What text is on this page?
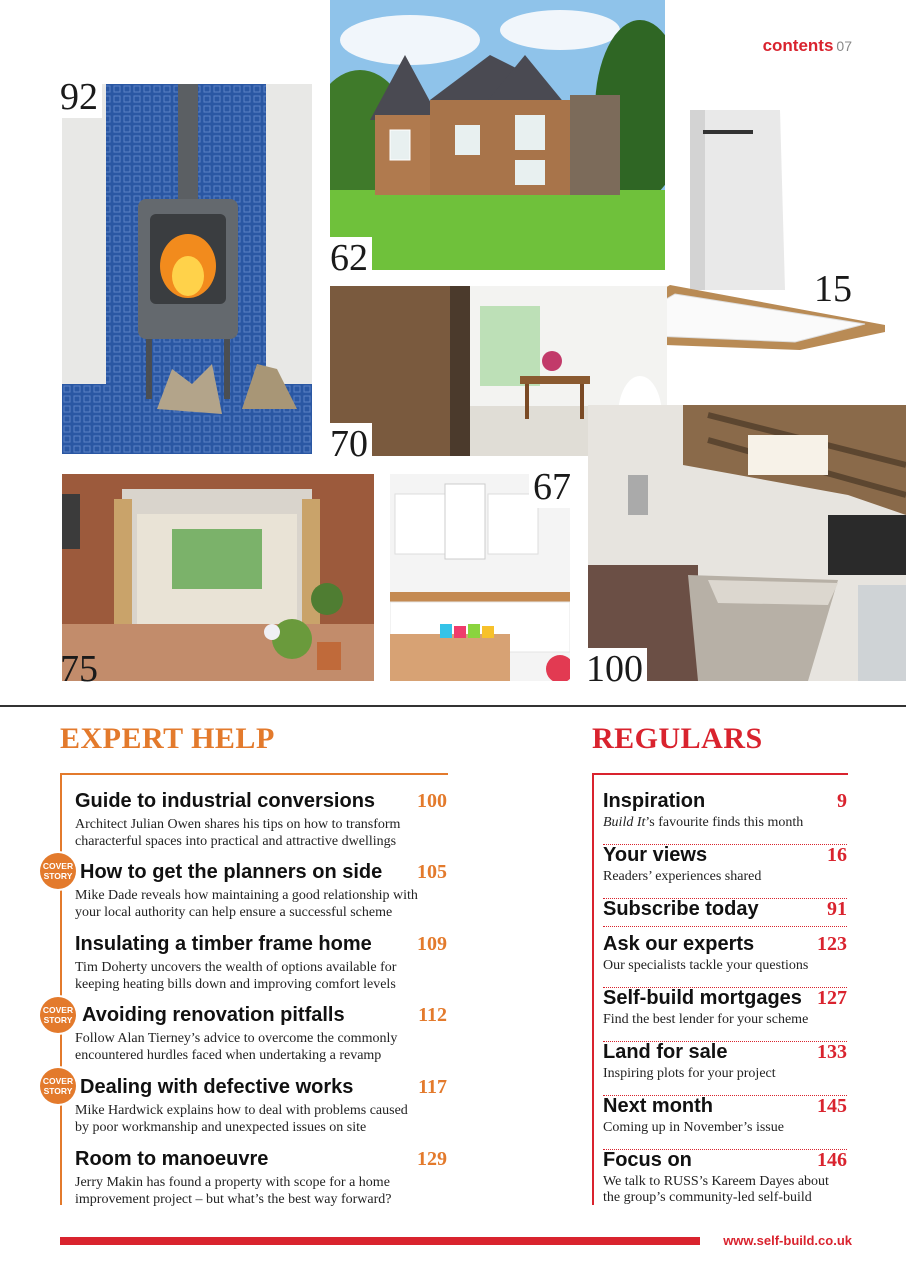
contents 07
92
62
15
70
100
75
67
EXPERT HELP
Guide to industrial conversions 100
Architect Julian Owen shares his tips on how to transform
characterful spaces into practical and attractive dwellings
COVER
STORY How to get the planners on side 105
Mike Dade reveals how maintaining a good relationship with
your local authority can help ensure a successful scheme
Insulating a timber frame home 109
Tim Doherty uncovers the wealth of options available for
keeping heating bills down and improving comfort levels
COVER
STORY Avoiding renovation pitfalls	112
Follow Alan Tierney’s advice to overcome the commonly
encountered hurdles faced when undertaking a revamp
COVER
STORY Dealing with defective works	117
Mike Hardwick explains how to deal with problems caused
by poor workmanship and unexpected issues on site
Room to manoeuvre	129
Jerry Makin has found a property with scope for a home
improvement project – but what’s the best way forward?
REGULARS
Inspiration	9
Build It’s favourite finds this month
Your views	16
Readers’ experiences shared
Subscribe today	91
Ask our experts	123
Our specialists tackle your questions
Self-build mortgages 127
Find the best lender for your scheme
Land for sale	133
Inspiring plots for your project
Next month	145
Coming up in November’s issue
Focus on	146
We talk to RUSS’s Kareem Dayes about
the group’s community-led self-build
www.self-build.co.uk
